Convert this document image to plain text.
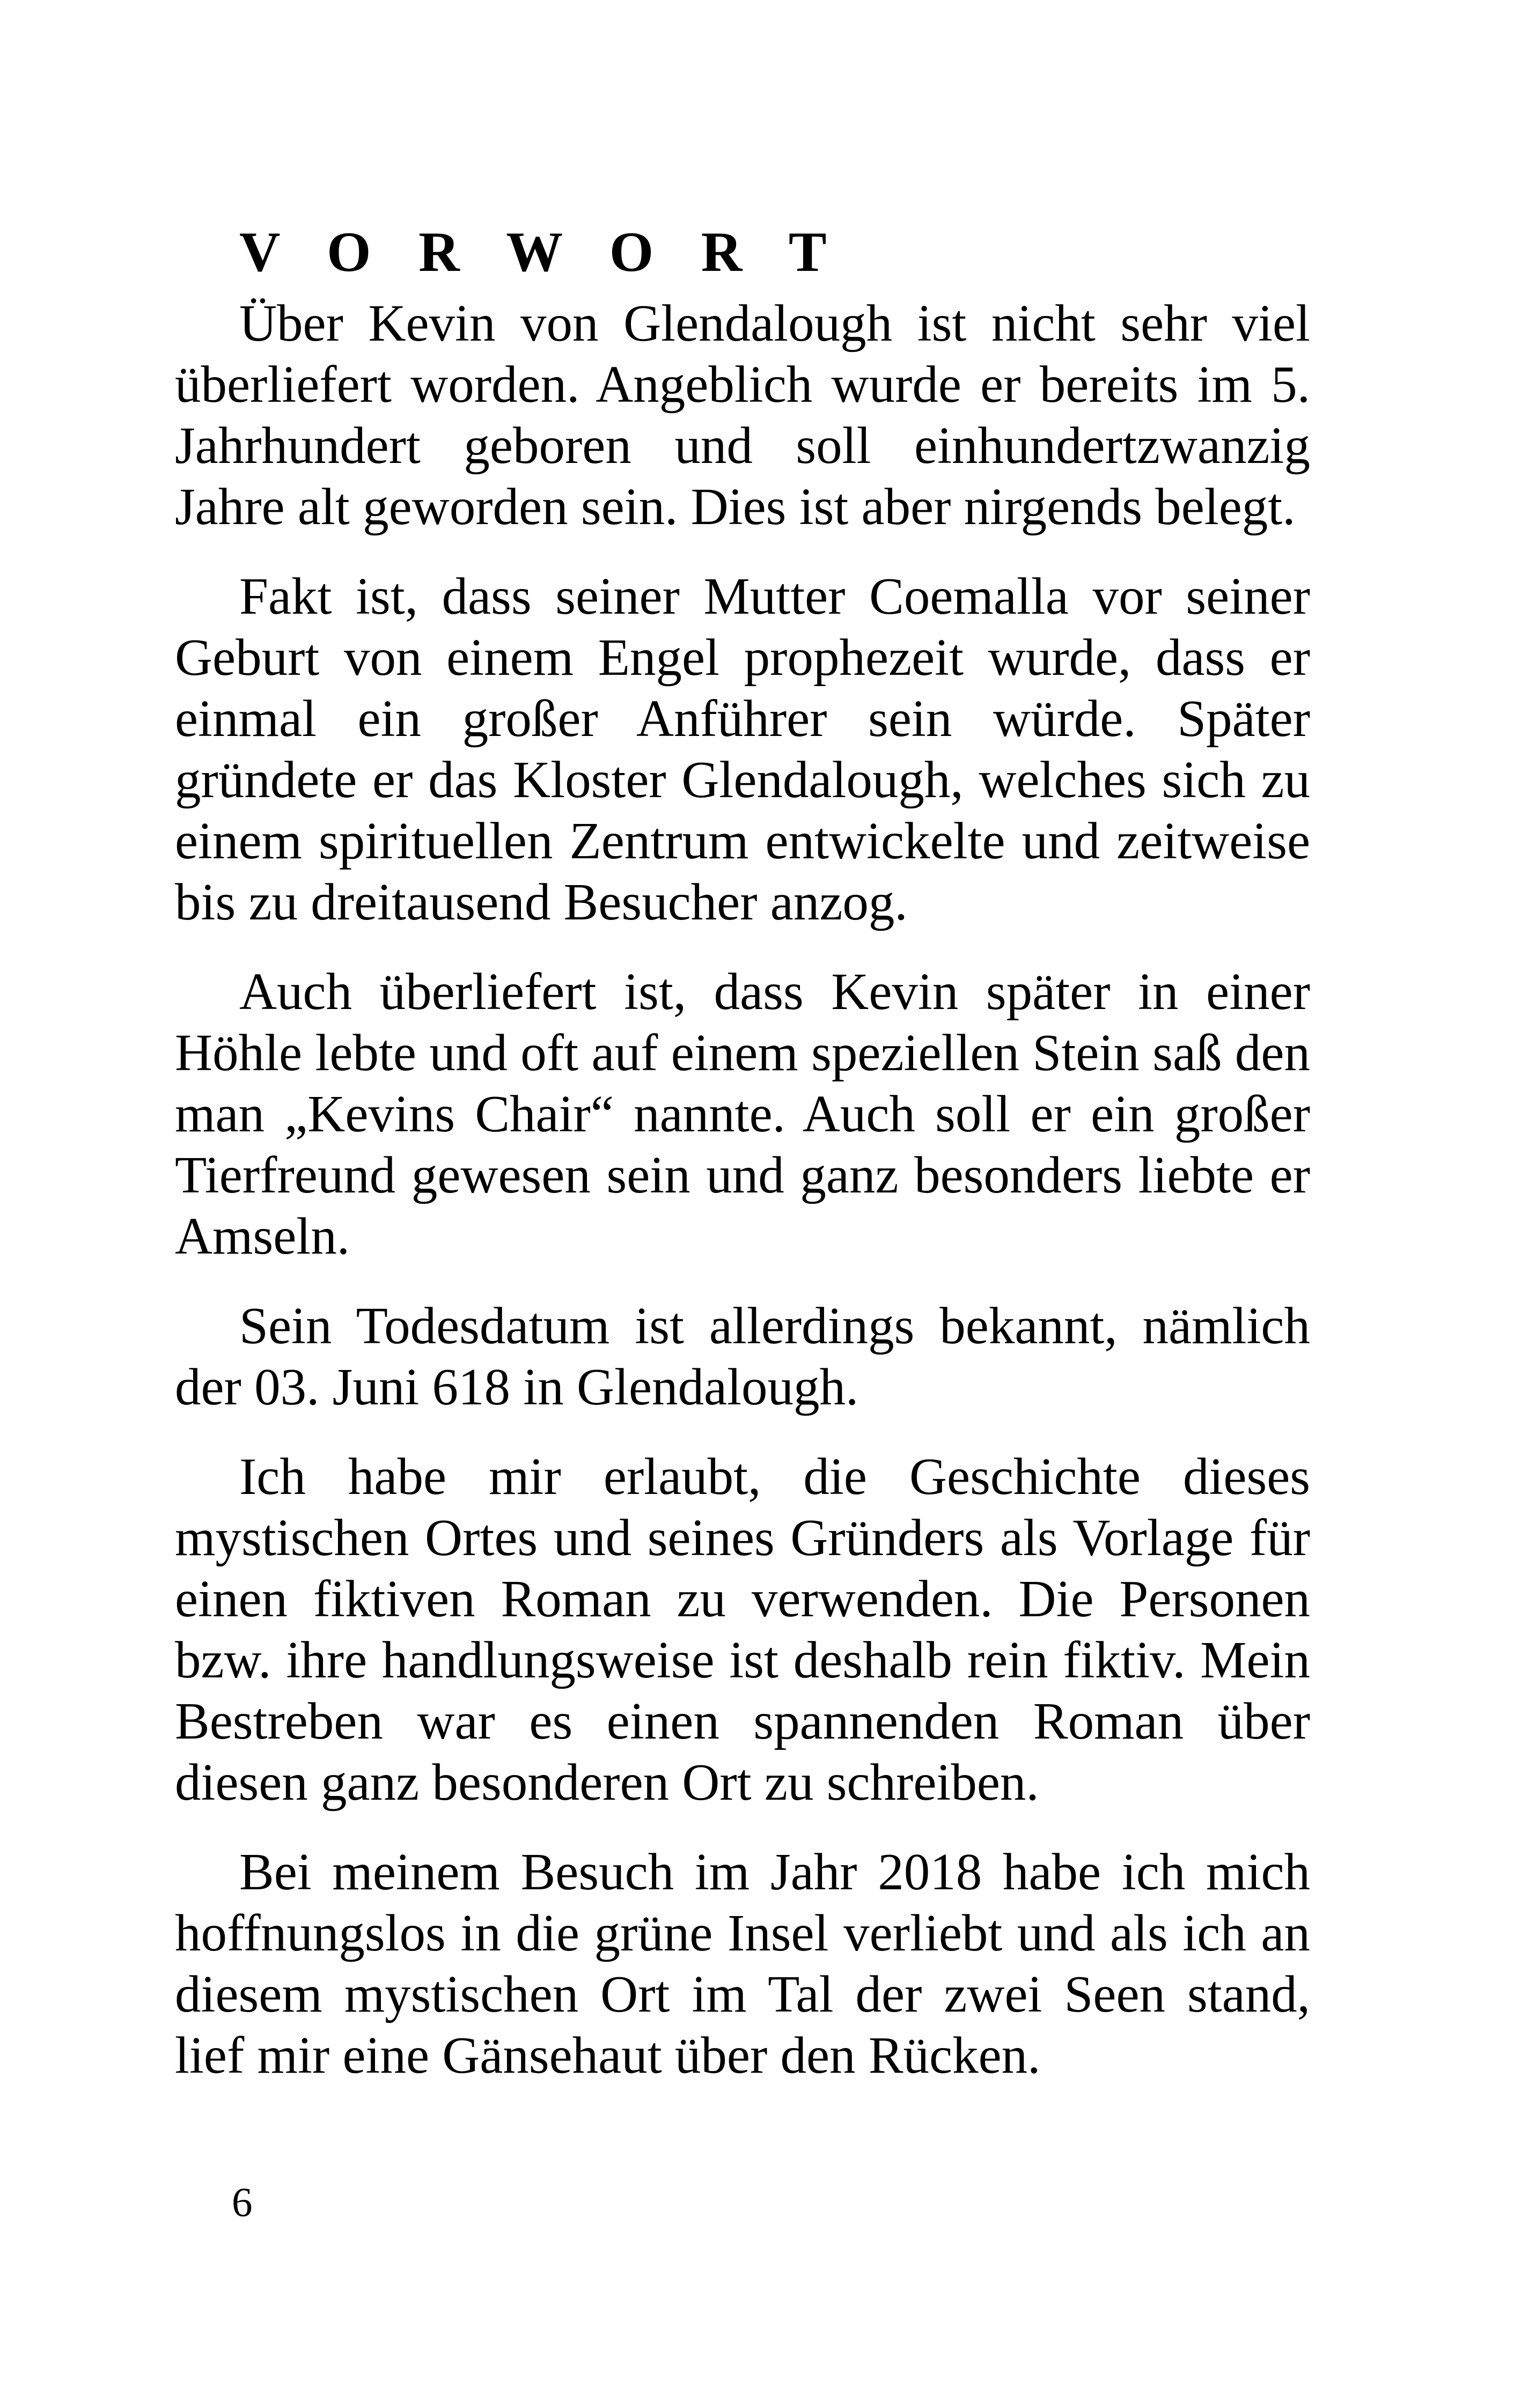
V O R W O R T

Über Kevin von Glendalough ist nicht sehr viel überliefert worden. Angeblich wurde er bereits im 5. Jahrhundert geboren und soll einhundertzwanzig Jahre alt geworden sein. Dies ist aber nirgends belegt.

Fakt ist, dass seiner Mutter Coemalla vor seiner Geburt von einem Engel prophezeit wurde, dass er einmal ein großer Anführer sein würde. Später gründete er das Kloster Glendalough, welches sich zu einem spirituellen Zentrum entwickelte und zeitweise bis zu dreitausend Besucher anzog.

Auch überliefert ist, dass Kevin später in einer Höhle lebte und oft auf einem speziellen Stein saß den man „Kevins Chair“ nannte. Auch soll er ein großer Tierfreund gewesen sein und ganz besonders liebte er Amseln.

Sein Todesdatum ist allerdings bekannt, nämlich der 03. Juni 618 in Glendalough.

Ich habe mir erlaubt, die Geschichte dieses mystischen Ortes und seines Gründers als Vorlage für einen fiktiven Roman zu verwenden. Die Personen bzw. ihre handlungsweise ist deshalb rein fiktiv. Mein Bestreben war es einen spannenden Roman über diesen ganz besonderen Ort zu schreiben.

Bei meinem Besuch im Jahr 2018 habe ich mich hoffnungslos in die grüne Insel verliebt und als ich an diesem mystischen Ort im Tal der zwei Seen stand, lief mir eine Gänsehaut über den Rücken.

6
